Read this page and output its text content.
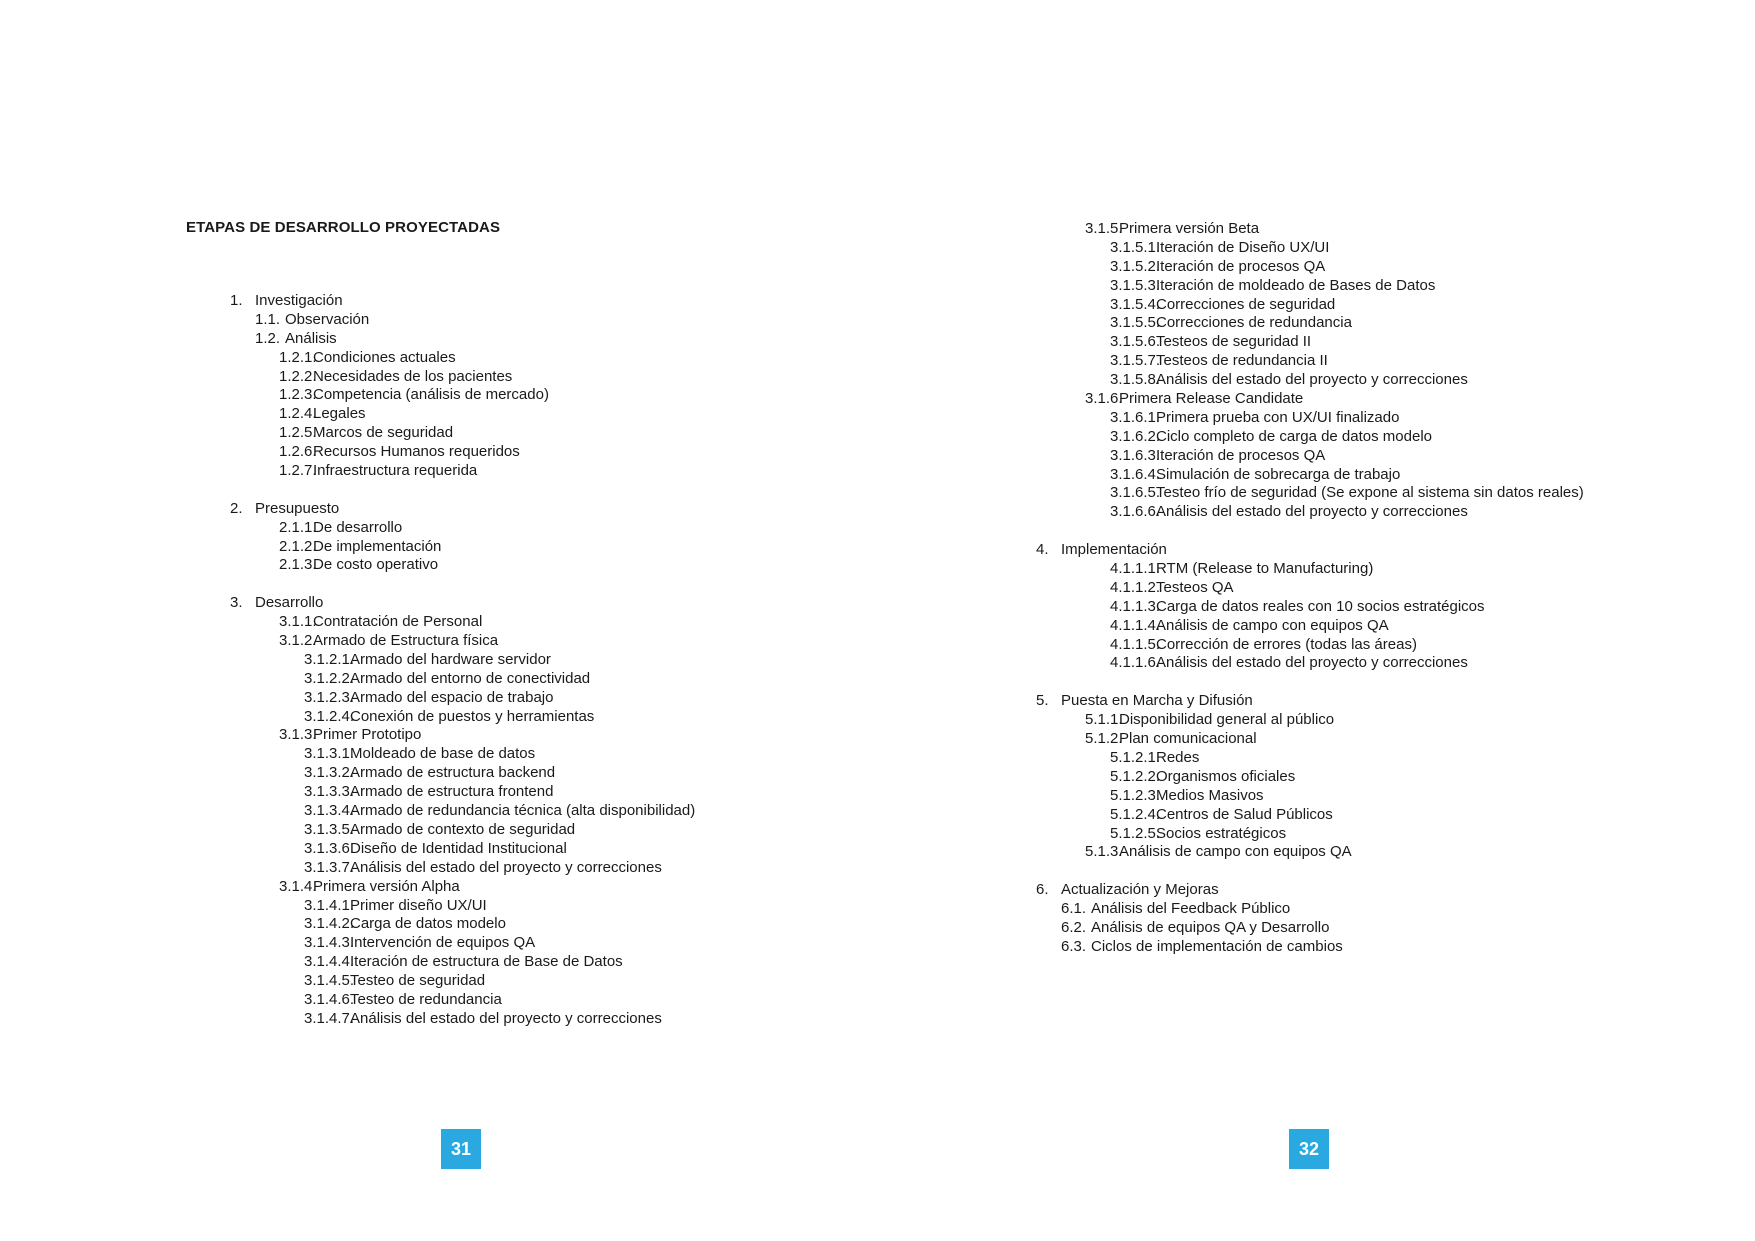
ETAPAS DE DESARROLLO PROYECTADAS
1. Investigación
1.1. Observación
1.2. Análisis
1.2.1.
Condiciones actuales
1.2.2.
Necesidades de los pacientes
1.2.3.
Competencia (análisis de mercado)
1.2.4.
Legales
1.2.5.
Marcos de seguridad
1.2.6.
Recursos Humanos requeridos
1.2.7.
Infraestructura requerida
2. Presupuesto
2.1.1.
De desarrollo
2.1.2.
De implementación
2.1.3.
De costo operativo
3. Desarrollo
3.1.1.
Contratación de Personal
3.1.2.
Armado de Estructura física
3.1.2.1.
Armado del hardware servidor
3.1.2.2.
Armado del entorno de conectividad
3.1.2.3.
Armado del espacio de trabajo
3.1.2.4.
Conexión de puestos y herramientas
3.1.3.
Primer Prototipo
3.1.3.1.
Moldeado de base de datos
3.1.3.2.
Armado de estructura backend
3.1.3.3.
Armado de estructura frontend
3.1.3.4.
Armado de redundancia técnica (alta disponibilidad)
3.1.3.5.
Armado de contexto de seguridad
3.1.3.6.
Diseño de Identidad Institucional
3.1.3.7.
Análisis del estado del proyecto y correcciones
3.1.4.
Primera versión Alpha
3.1.4.1.
Primer diseño UX/UI
3.1.4.2.
Carga de datos modelo
3.1.4.3.
Intervención de equipos QA
3.1.4.4.
Iteración de estructura de Base de Datos
3.1.4.5.
Testeo de seguridad
3.1.4.6.
Testeo de redundancia
3.1.4.7.
Análisis del estado del proyecto y correcciones
31
3.1.5.
Primera versión Beta
3.1.5.1.
Iteración de Diseño UX/UI
3.1.5.2.
Iteración de procesos QA
3.1.5.3.
Iteración de moldeado de Bases de Datos
3.1.5.4.
Correcciones de seguridad
3.1.5.5.
Correcciones de redundancia
3.1.5.6.
Testeos de seguridad II
3.1.5.7.
Testeos de redundancia II
3.1.5.8.
Análisis del estado del proyecto y correcciones
3.1.6.
Primera Release Candidate
3.1.6.1.
Primera prueba con UX/UI finalizado
3.1.6.2.
Ciclo completo de carga de datos modelo
3.1.6.3.
Iteración de procesos QA
3.1.6.4.
Simulación de sobrecarga de trabajo
3.1.6.5.
Testeo frío de seguridad (Se expone al sistema sin datos reales)
3.1.6.6.
Análisis del estado del proyecto y correcciones
4. Implementación
4.1.1.1.
RTM (Release to Manufacturing)
4.1.1.2.
Testeos QA
4.1.1.3.
Carga de datos reales con 10 socios estratégicos
4.1.1.4.
Análisis de campo con equipos QA
4.1.1.5.
Corrección de errores (todas las áreas)
4.1.1.6.
Análisis del estado del proyecto y correcciones
5. Puesta en Marcha y Difusión
5.1.1.
Disponibilidad general al público
5.1.2.
Plan comunicacional
5.1.2.1.
Redes
5.1.2.2.
Organismos oficiales
5.1.2.3.
Medios Masivos
5.1.2.4.
Centros de Salud Públicos
5.1.2.5.
Socios estratégicos
5.1.3.
Análisis de campo con equipos QA
6. Actualización y Mejoras
6.1. Análisis del Feedback Público
6.2. Análisis de equipos QA y Desarrollo
6.3. Ciclos de implementación de cambios
32
